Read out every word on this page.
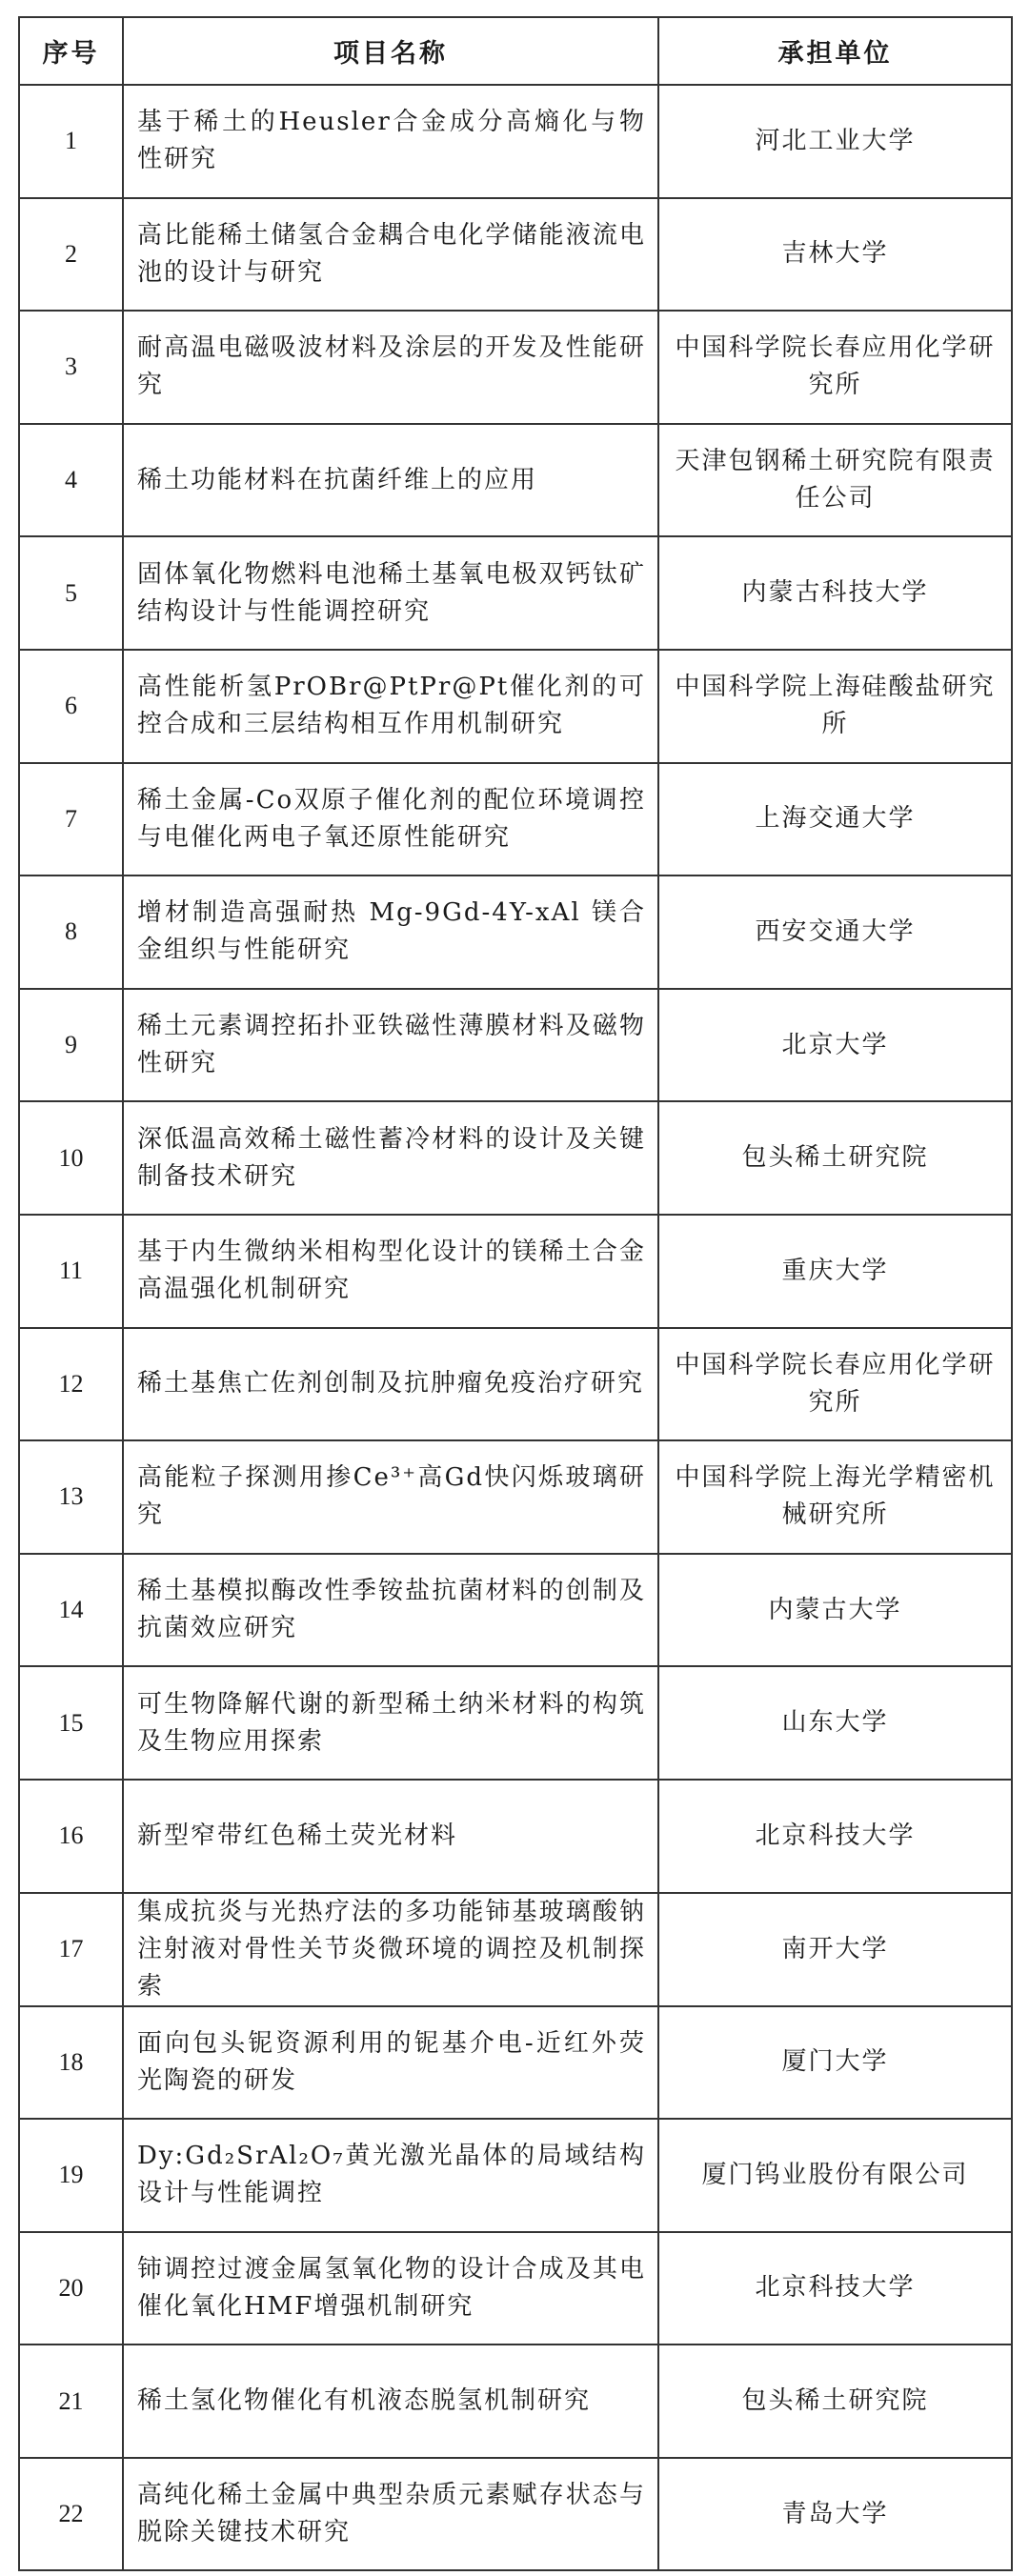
序号	项目名称	承担单位
1	基于稀土的Heusler合金成分高熵化与物性研究	河北工业大学
2	高比能稀土储氢合金耦合电化学储能液流电池的设计与研究	吉林大学
3	耐高温电磁吸波材料及涂层的开发及性能研究	中国科学院长春应用化学研究所
4	稀土功能材料在抗菌纤维上的应用	天津包钢稀土研究院有限责任公司
5	固体氧化物燃料电池稀土基氧电极双钙钛矿结构设计与性能调控研究	内蒙古科技大学
6	高性能析氢PrOBr@PtPr@Pt催化剂的可控合成和三层结构相互作用机制研究	中国科学院上海硅酸盐研究所
7	稀土金属-Co双原子催化剂的配位环境调控与电催化两电子氧还原性能研究	上海交通大学
8	增材制造高强耐热 Mg-9Gd-4Y-xAl 镁合金组织与性能研究	西安交通大学
9	稀土元素调控拓扑亚铁磁性薄膜材料及磁物性研究	北京大学
10	深低温高效稀土磁性蓄冷材料的设计及关键制备技术研究	包头稀土研究院
11	基于内生微纳米相构型化设计的镁稀土合金高温强化机制研究	重庆大学
12	稀土基焦亡佐剂创制及抗肿瘤免疫治疗研究	中国科学院长春应用化学研究所
13	高能粒子探测用掺Ce³⁺高Gd快闪烁玻璃研究	中国科学院上海光学精密机械研究所
14	稀土基模拟酶改性季铵盐抗菌材料的创制及抗菌效应研究	内蒙古大学
15	可生物降解代谢的新型稀土纳米材料的构筑及生物应用探索	山东大学
16	新型窄带红色稀土荧光材料	北京科技大学
17	集成抗炎与光热疗法的多功能铈基玻璃酸钠注射液对骨性关节炎微环境的调控及机制探索	南开大学
18	面向包头铌资源利用的铌基介电-近红外荧光陶瓷的研发	厦门大学
19	Dy:Gd₂SrAl₂O₇黄光激光晶体的局域结构设计与性能调控	厦门钨业股份有限公司
20	铈调控过渡金属氢氧化物的设计合成及其电催化氧化HMF增强机制研究	北京科技大学
21	稀土氢化物催化有机液态脱氢机制研究	包头稀土研究院
22	高纯化稀土金属中典型杂质元素赋存状态与脱除关键技术研究	青岛大学
